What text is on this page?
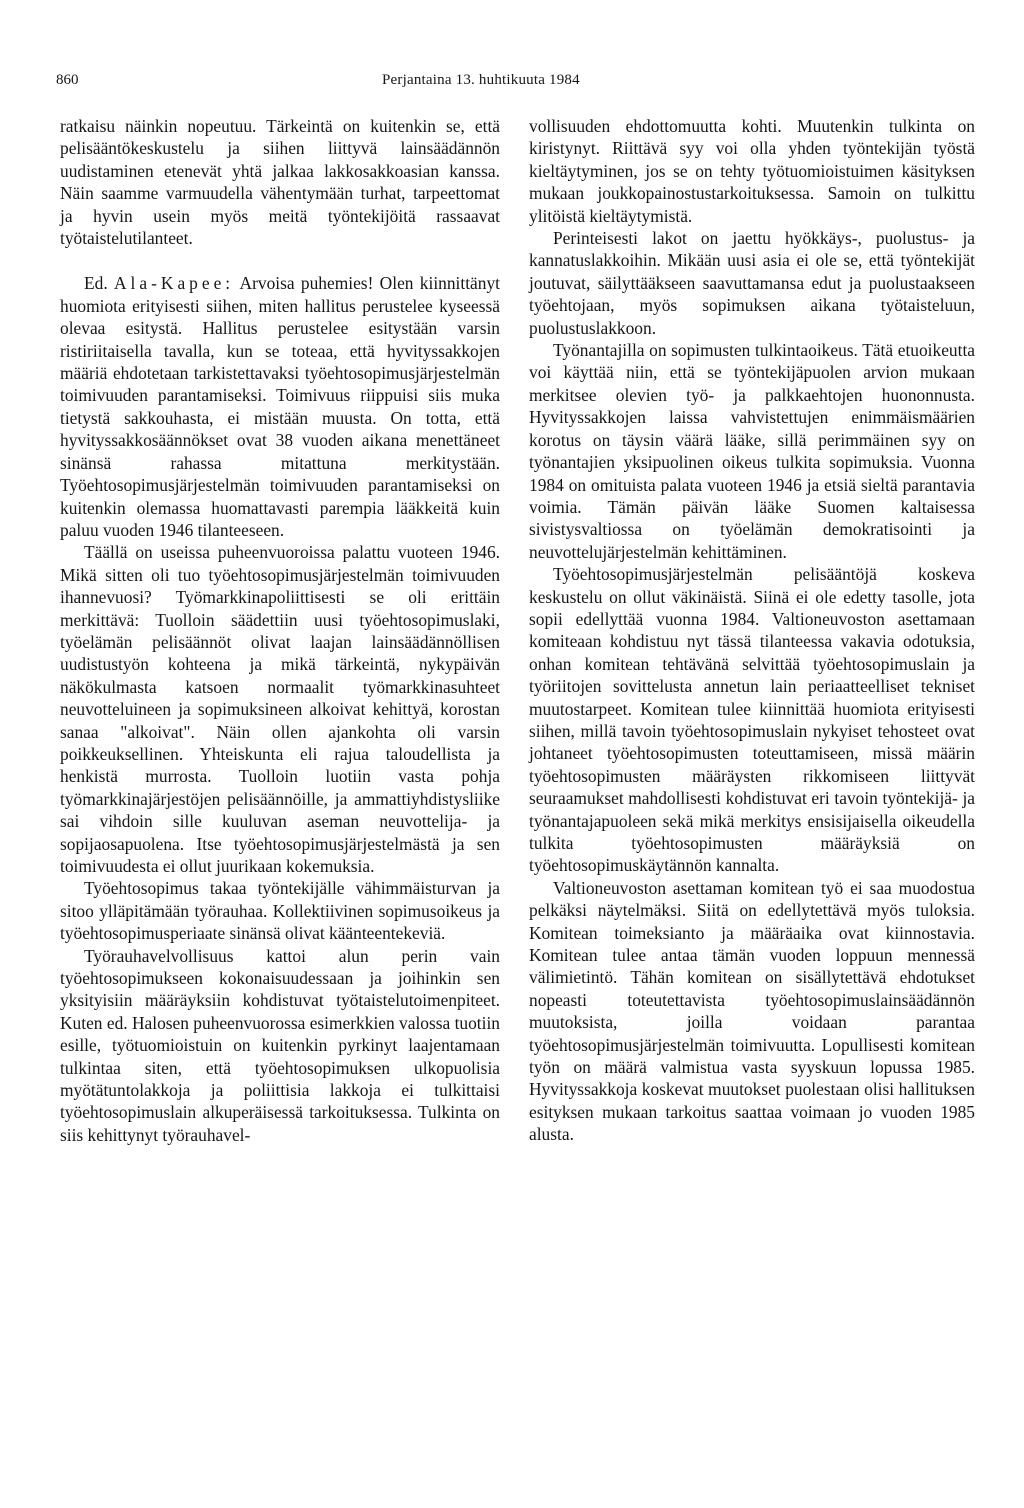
860	Perjantaina 13. huhtikuuta 1984

ratkaisu näinkin nopeutuu. Tärkeintä on kuitenkin se, että pelisääntökeskustelu ja siihen liittyvä lainsäädännön uudistaminen etenevät yhtä jalkaa lakkosakkoasian kanssa. Näin saamme varmuudella vähentymään turhat, tarpeettomat ja hyvin usein myös meitä työntekijöitä rassaavat työtaistelutilanteet.

Ed. Ala-Kapee: Arvoisa puhemies! Olen kiinnittänyt huomiota erityisesti siihen, miten hallitus perustelee kyseessä olevaa esitystä. Hallitus perustelee esitystään varsin ristiriitaisella tavalla, kun se toteaa, että hyvityssakkojen määriä ehdotetaan tarkistettavaksi työehtosopimusjärjestelmän toimivuuden parantamiseksi. Toimivuus riippuisi siis muka tietystä sakkouhasta, ei mistään muusta. On totta, että hyvityssakkosäännökset ovat 38 vuoden aikana menettäneet sinänsä rahassa mitattuna merkitystään. Työehtosopimusjärjestelmän toimivuuden parantamiseksi on kuitenkin olemassa huomattavasti parempia lääkkeitä kuin paluu vuoden 1946 tilanteeseen.

Täällä on useissa puheenvuoroissa palattu vuoteen 1946. Mikä sitten oli tuo työehtosopimusjärjestelmän toimivuuden ihannevuosi? Työmarkkinapoliittisesti se oli erittäin merkittävä: Tuolloin säädettiin uusi työehtosopimuslaki, työelämän pelisäännöt olivat laajan lainsäädännöllisen uudistustyön kohteena ja mikä tärkeintä, nykypäivän näkökulmasta katsoen normaalit työmarkkinasuhteet neuvotteluineen ja sopimuksineen alkoivat kehittyä, korostan sanaa "alkoivat". Näin ollen ajankohta oli varsin poikkeuksellinen. Yhteiskunta eli rajua taloudellista ja henkistä murrosta. Tuolloin luotiin vasta pohja työmarkkinajärjestöjen pelisäännöille, ja ammattiyhdistysliike sai vihdoin sille kuuluvan aseman neuvottelija- ja sopijaosapuolena. Itse työehtosopimusjärjestelmästä ja sen toimivuudesta ei ollut juurikaan kokemuksia.

Työehtosopimus takaa työntekijälle vähimmäisturvan ja sitoo ylläpitämään työrauhaa. Kollektiivinen sopimusoikeus ja työehtosopimusperiaate sinänsä olivat käänteentekeviä.

Työrauhavelvollisuus kattoi alun perin vain työehtosopimukseen kokonaisuudessaan ja joihinkin sen yksityisiin määräyksiin kohdistuvat työtaistelutoimenpiteet. Kuten ed. Halosen puheenvuorossa esimerkkien valossa tuotiin esille, työtuomioistuin on kuitenkin pyrkinyt laajentamaan tulkintaa siten, että työehtosopimuksen ulkopuolisia myötätuntolakkoja ja poliittisia lakkoja ei tulkittaisi työehtosopimuslain alkuperäisessä tarkoituksessa. Tulkinta on siis kehittynyt työrauhavel-

vollisuuden ehdottomuutta kohti. Muutenkin tulkinta on kiristynyt. Riittävä syy voi olla yhden työntekijän työstä kieltäytyminen, jos se on tehty työtuomioistuimen käsityksen mukaan joukkopainostustarkoituksessa. Samoin on tulkittu ylitöistä kieltäytymistä.

Perinteisesti lakot on jaettu hyökkäys-, puolustus- ja kannatuslakkoihin. Mikään uusi asia ei ole se, että työntekijät joutuvat, säilyttääkseen saavuttamansa edut ja puolustaakseen työehtojaan, myös sopimuksen aikana työtaisteluun, puolustuslakkoon.

Työnantajilla on sopimusten tulkintaoikeus. Tätä etuoikeutta voi käyttää niin, että se työntekijäpuolen arvion mukaan merkitsee olevien työ- ja palkkaehtojen huononnusta. Hyvityssakkojen laissa vahvistettujen enimmäismäärien korotus on täysin väärä lääke, sillä perimmäinen syy on työnantajien yksipuolinen oikeus tulkita sopimuksia. Vuonna 1984 on omituista palata vuoteen 1946 ja etsiä sieltä parantavia voimia. Tämän päivän lääke Suomen kaltaisessa sivistysvaltiossa on työelämän demokratisointi ja neuvottelujärjestelmän kehittäminen.

Työehtosopimusjärjestelmän pelisääntöjä koskeva keskustelu on ollut väkinäistä. Siinä ei ole edetty tasolle, jota sopii edellyttää vuonna 1984. Valtioneuvoston asettamaan komiteaan kohdistuu nyt tässä tilanteessa vakavia odotuksia, onhan komitean tehtävänä selvittää työehtosopimuslain ja työriitojen sovittelusta annetun lain periaatteelliset tekniset muutostarpeet. Komitean tulee kiinnittää huomiota erityisesti siihen, millä tavoin työehtosopimuslain nykyiset tehosteet ovat johtaneet työehtosopimusten toteuttamiseen, missä määrin työehtosopimusten määräysten rikkomiseen liittyvät seuraamukset mahdollisesti kohdistuvat eri tavoin työntekijä- ja työnantajapuoleen sekä mikä merkitys ensisijaisella oikeudella tulkita työehtosopimusten määräyksiä on työehtosopimuskäytännön kannalta.

Valtioneuvoston asettaman komitean työ ei saa muodostua pelkäksi näytelmäksi. Siitä on edellytettävä myös tuloksia. Komitean toimeksianto ja määräaika ovat kiinnostavia. Komitean tulee antaa tämän vuoden loppuun mennessä välimietintö. Tähän komitean on sisällytettävä ehdotukset nopeasti toteutettavista työehtosopimuslainsäädännön muutoksista, joilla voidaan parantaa työehtosopimusjärjestelmän toimivuutta. Lopullisesti komitean työn on määrä valmistua vasta syyskuun lopussa 1985. Hyvityssakkoja koskevat muutokset puolestaan olisi hallituksen esityksen mukaan tarkoitus saattaa voimaan jo vuoden 1985 alusta.
